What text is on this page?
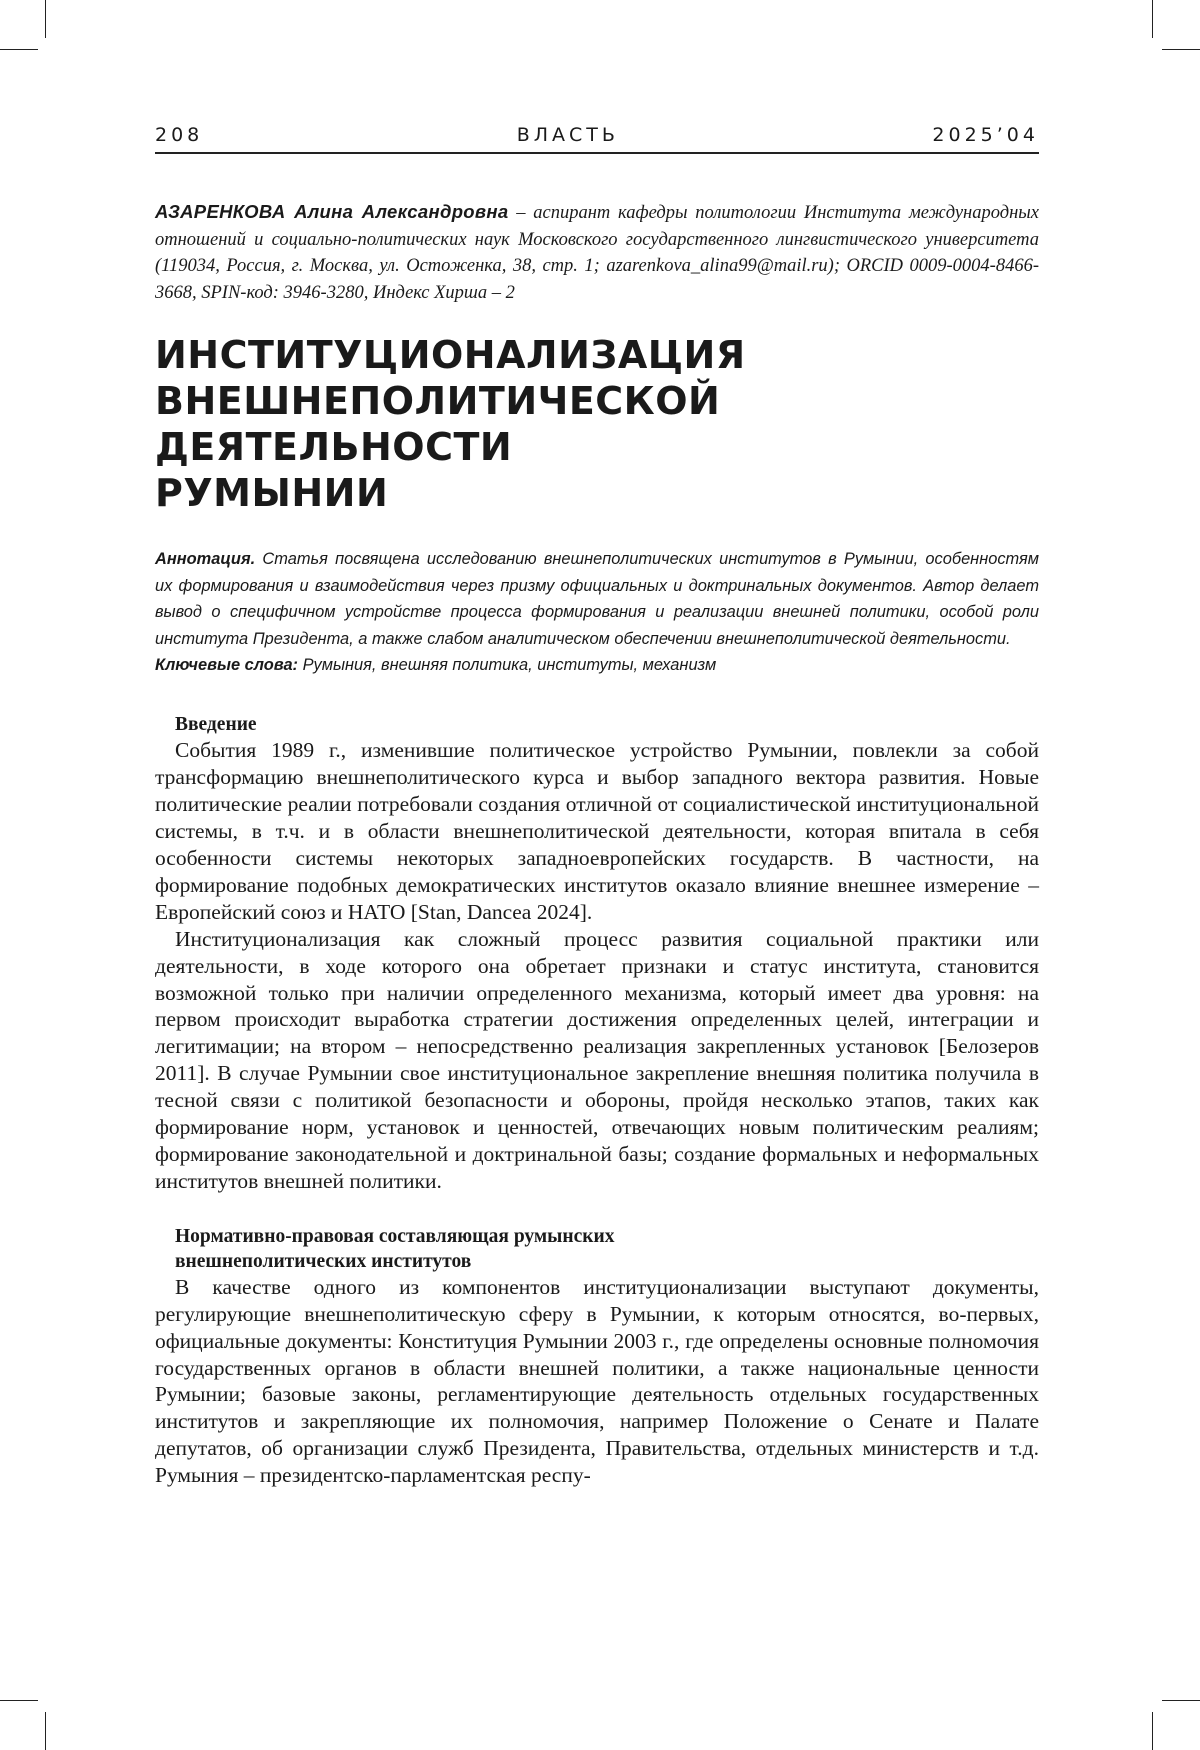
208	ВЛАСТЬ	2025’04
АЗАРЕНКОВА Алина Александровна – аспирант кафедры политологии Института международных отношений и социально-политических наук Московского государственного лингвистического университета (119034, Россия, г. Москва, ул. Остоженка, 38, стр. 1; azarenkova_alina99@mail.ru); ORCID 0009-0004-8466-3668, SPIN-код: 3946-3280, Индекс Хирша – 2
ИНСТИТУЦИОНАЛИЗАЦИЯ
ВНЕШНЕПОЛИТИЧЕСКОЙ ДЕЯТЕЛЬНОСТИ
РУМЫНИИ
Аннотация. Статья посвящена исследованию внешнеполитических институтов в Румынии, особенностям их формирования и взаимодействия через призму официальных и доктринальных документов. Автор делает вывод о специфичном устройстве процесса формирования и реализации внешней политики, особой роли института Президента, а также слабом аналитическом обеспечении внешнеполитической деятельности.
Ключевые слова: Румыния, внешняя политика, институты, механизм
Введение

События 1989 г., изменившие политическое устройство Румынии, повлекли за собой трансформацию внешнеполитического курса и выбор западного вектора развития. Новые политические реалии потребовали создания отличной от социалистической институциональной системы, в т.ч. и в области внешнеполитической деятельности, которая впитала в себя особенности системы некоторых западноевропейских государств. В частности, на формирование подобных демократических институтов оказало влияние внешнее измерение – Европейский союз и НАТО [Stan, Dancea 2024].

Институционализация как сложный процесс развития социальной практики или деятельности, в ходе которого она обретает признаки и статус института, становится возможной только при наличии определенного механизма, который имеет два уровня: на первом происходит выработка стратегии достижения определенных целей, интеграции и легитимации; на втором – непосредственно реализация закрепленных установок [Белозеров 2011]. В случае Румынии свое институциональное закрепление внешняя политика получила в тесной связи с политикой безопасности и обороны, пройдя несколько этапов, таких как формирование норм, установок и ценностей, отвечающих новым политическим реалиям; формирование законодательной и доктринальной базы; создание формальных и неформальных институтов внешней политики.

Нормативно-правовая составляющая румынских
внешнеполитических институтов

В качестве одного из компонентов институционализации выступают документы, регулирующие внешнеполитическую сферу в Румынии, к которым относятся, во-первых, официальные документы: Конституция Румынии 2003 г., где определены основные полномочия государственных органов в области внешней политики, а также национальные ценности Румынии; базовые законы, регламентирующие деятельность отдельных государственных институтов и закрепляющие их полномочия, например Положение о Сенате и Палате депутатов, об организации служб Президента, Правительства, отдельных министерств и т.д. Румыния – президентско-парламентская респу-
